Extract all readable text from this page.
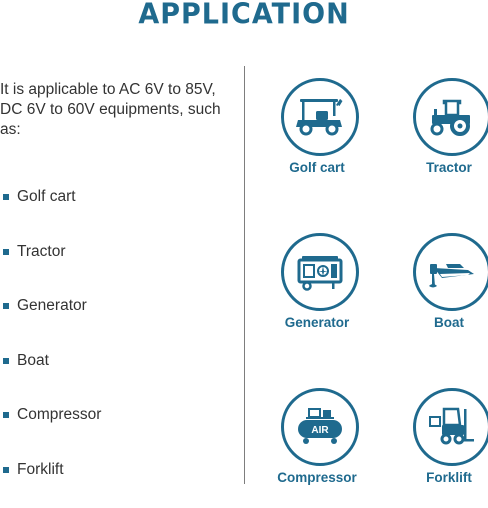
APPLICATION
It is applicable to AC 6V to 85V, DC 6V to 60V equipments, such as:
Golf cart
Tractor
Generator
Boat
Compressor
Forklift
Golf cart	Tractor
Generator	Boat
AIR
Compressor	Forklift
